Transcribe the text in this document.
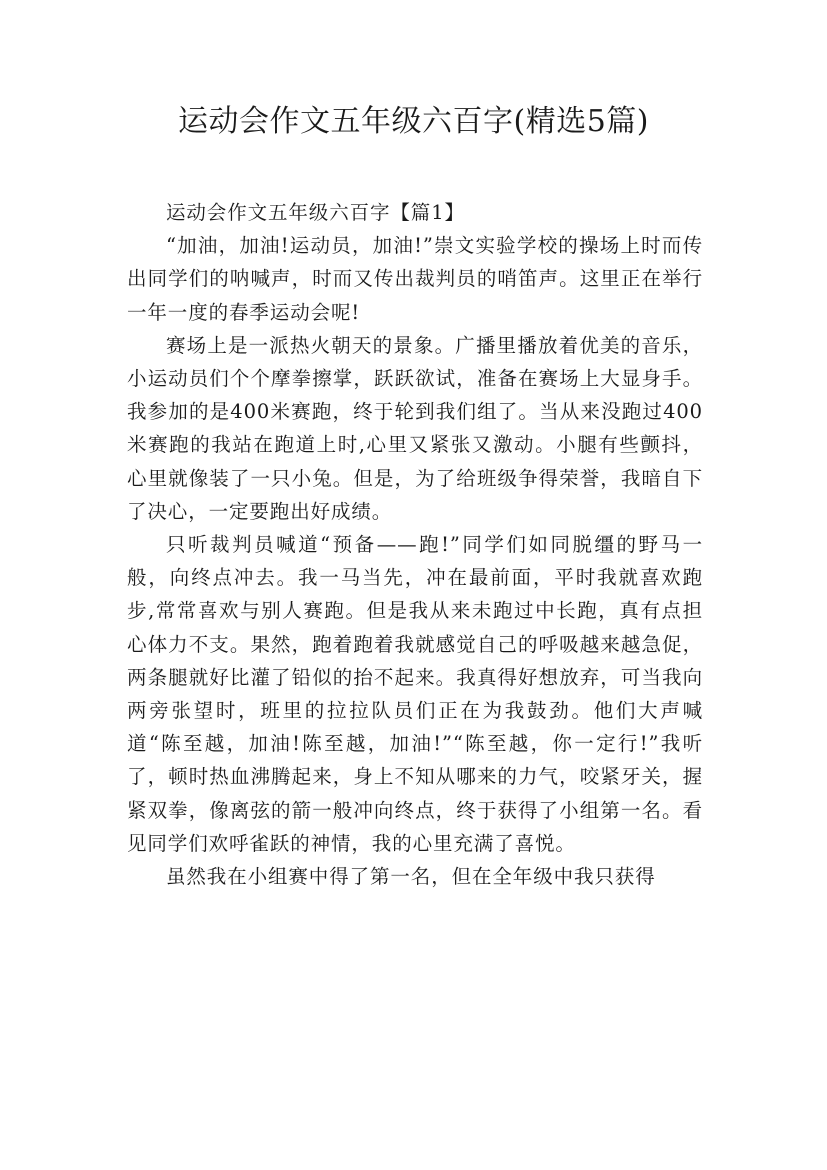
运动会作文五年级六百字(精选5篇)

运动会作文五年级六百字【篇1】

“加油，加油!运动员，加油!”崇文实验学校的操场上时而传出同学们的呐喊声，时而又传出裁判员的哨笛声。这里正在举行一年一度的春季运动会呢!

赛场上是一派热火朝天的景象。广播里播放着优美的音乐，小运动员们个个摩拳擦掌，跃跃欲试，准备在赛场上大显身手。我参加的是400米赛跑，终于轮到我们组了。当从来没跑过400米赛跑的我站在跑道上时,心里又紧张又激动。小腿有些颤抖，心里就像装了一只小兔。但是，为了给班级争得荣誉，我暗自下了决心，一定要跑出好成绩。

只听裁判员喊道“预备——跑!”同学们如同脱缰的野马一般，向终点冲去。我一马当先，冲在最前面，平时我就喜欢跑步,常常喜欢与别人赛跑。但是我从来未跑过中长跑，真有点担心体力不支。果然，跑着跑着我就感觉自己的呼吸越来越急促，两条腿就好比灌了铅似的抬不起来。我真得好想放弃，可当我向两旁张望时，班里的拉拉队员们正在为我鼓劲。他们大声喊道“陈至越，加油!陈至越，加油!”“陈至越，你一定行!”我听了，顿时热血沸腾起来，身上不知从哪来的力气，咬紧牙关，握紧双拳，像离弦的箭一般冲向终点，终于获得了小组第一名。看见同学们欢呼雀跃的神情，我的心里充满了喜悦。

虽然我在小组赛中得了第一名，但在全年级中我只获得
